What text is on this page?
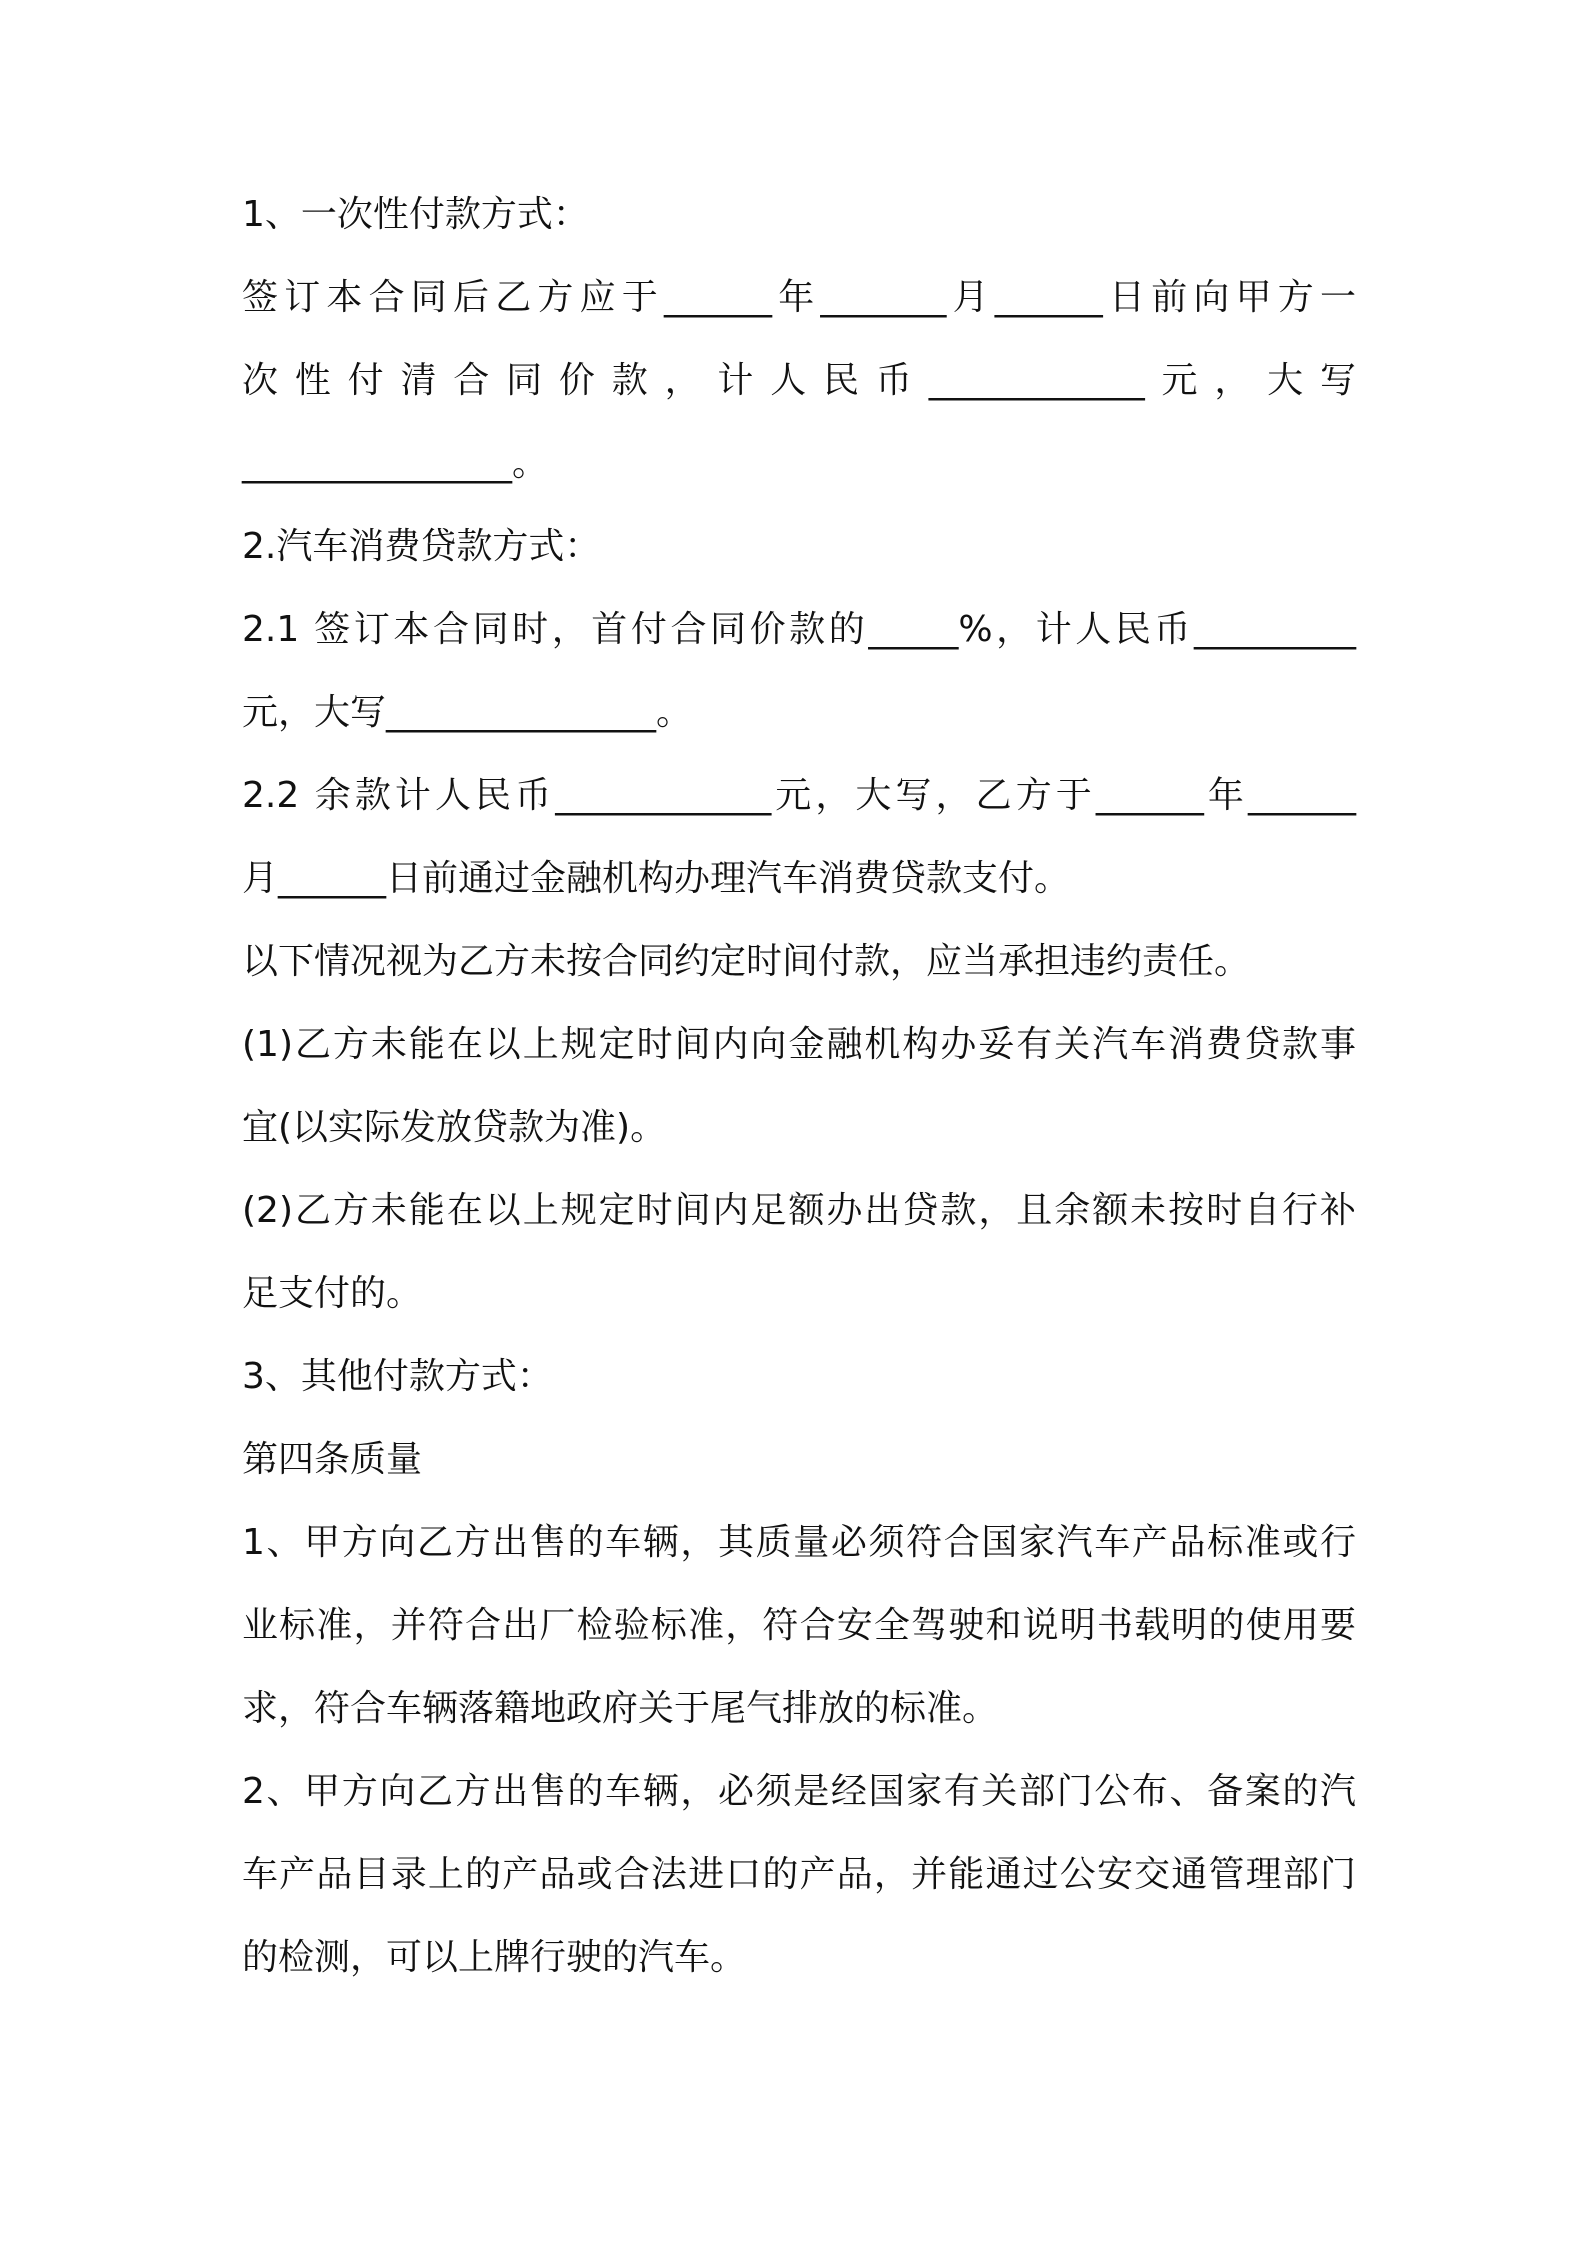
1、一次性付款方式：
签订本合同后乙方应于______年_______月______日前向甲方一
次性付清合同价款，计人民币____________元，大写
_______________。
2.汽车消费贷款方式：
2.1 签订本合同时，首付合同价款的_____%，计人民币_________
元，大写_______________。
2.2 余款计人民币____________元，大写，乙方于______年______
月______日前通过金融机构办理汽车消费贷款支付。
以下情况视为乙方未按合同约定时间付款，应当承担违约责任。
(1)乙方未能在以上规定时间内向金融机构办妥有关汽车消费贷款事
宜(以实际发放贷款为准)。
(2)乙方未能在以上规定时间内足额办出贷款，且余额未按时自行补
足支付的。
3、其他付款方式：
第四条质量
1、甲方向乙方出售的车辆，其质量必须符合国家汽车产品标准或行
业标准，并符合出厂检验标准，符合安全驾驶和说明书载明的使用要
求，符合车辆落籍地政府关于尾气排放的标准。
2、甲方向乙方出售的车辆，必须是经国家有关部门公布、备案的汽
车产品目录上的产品或合法进口的产品，并能通过公安交通管理部门
的检测，可以上牌行驶的汽车。
